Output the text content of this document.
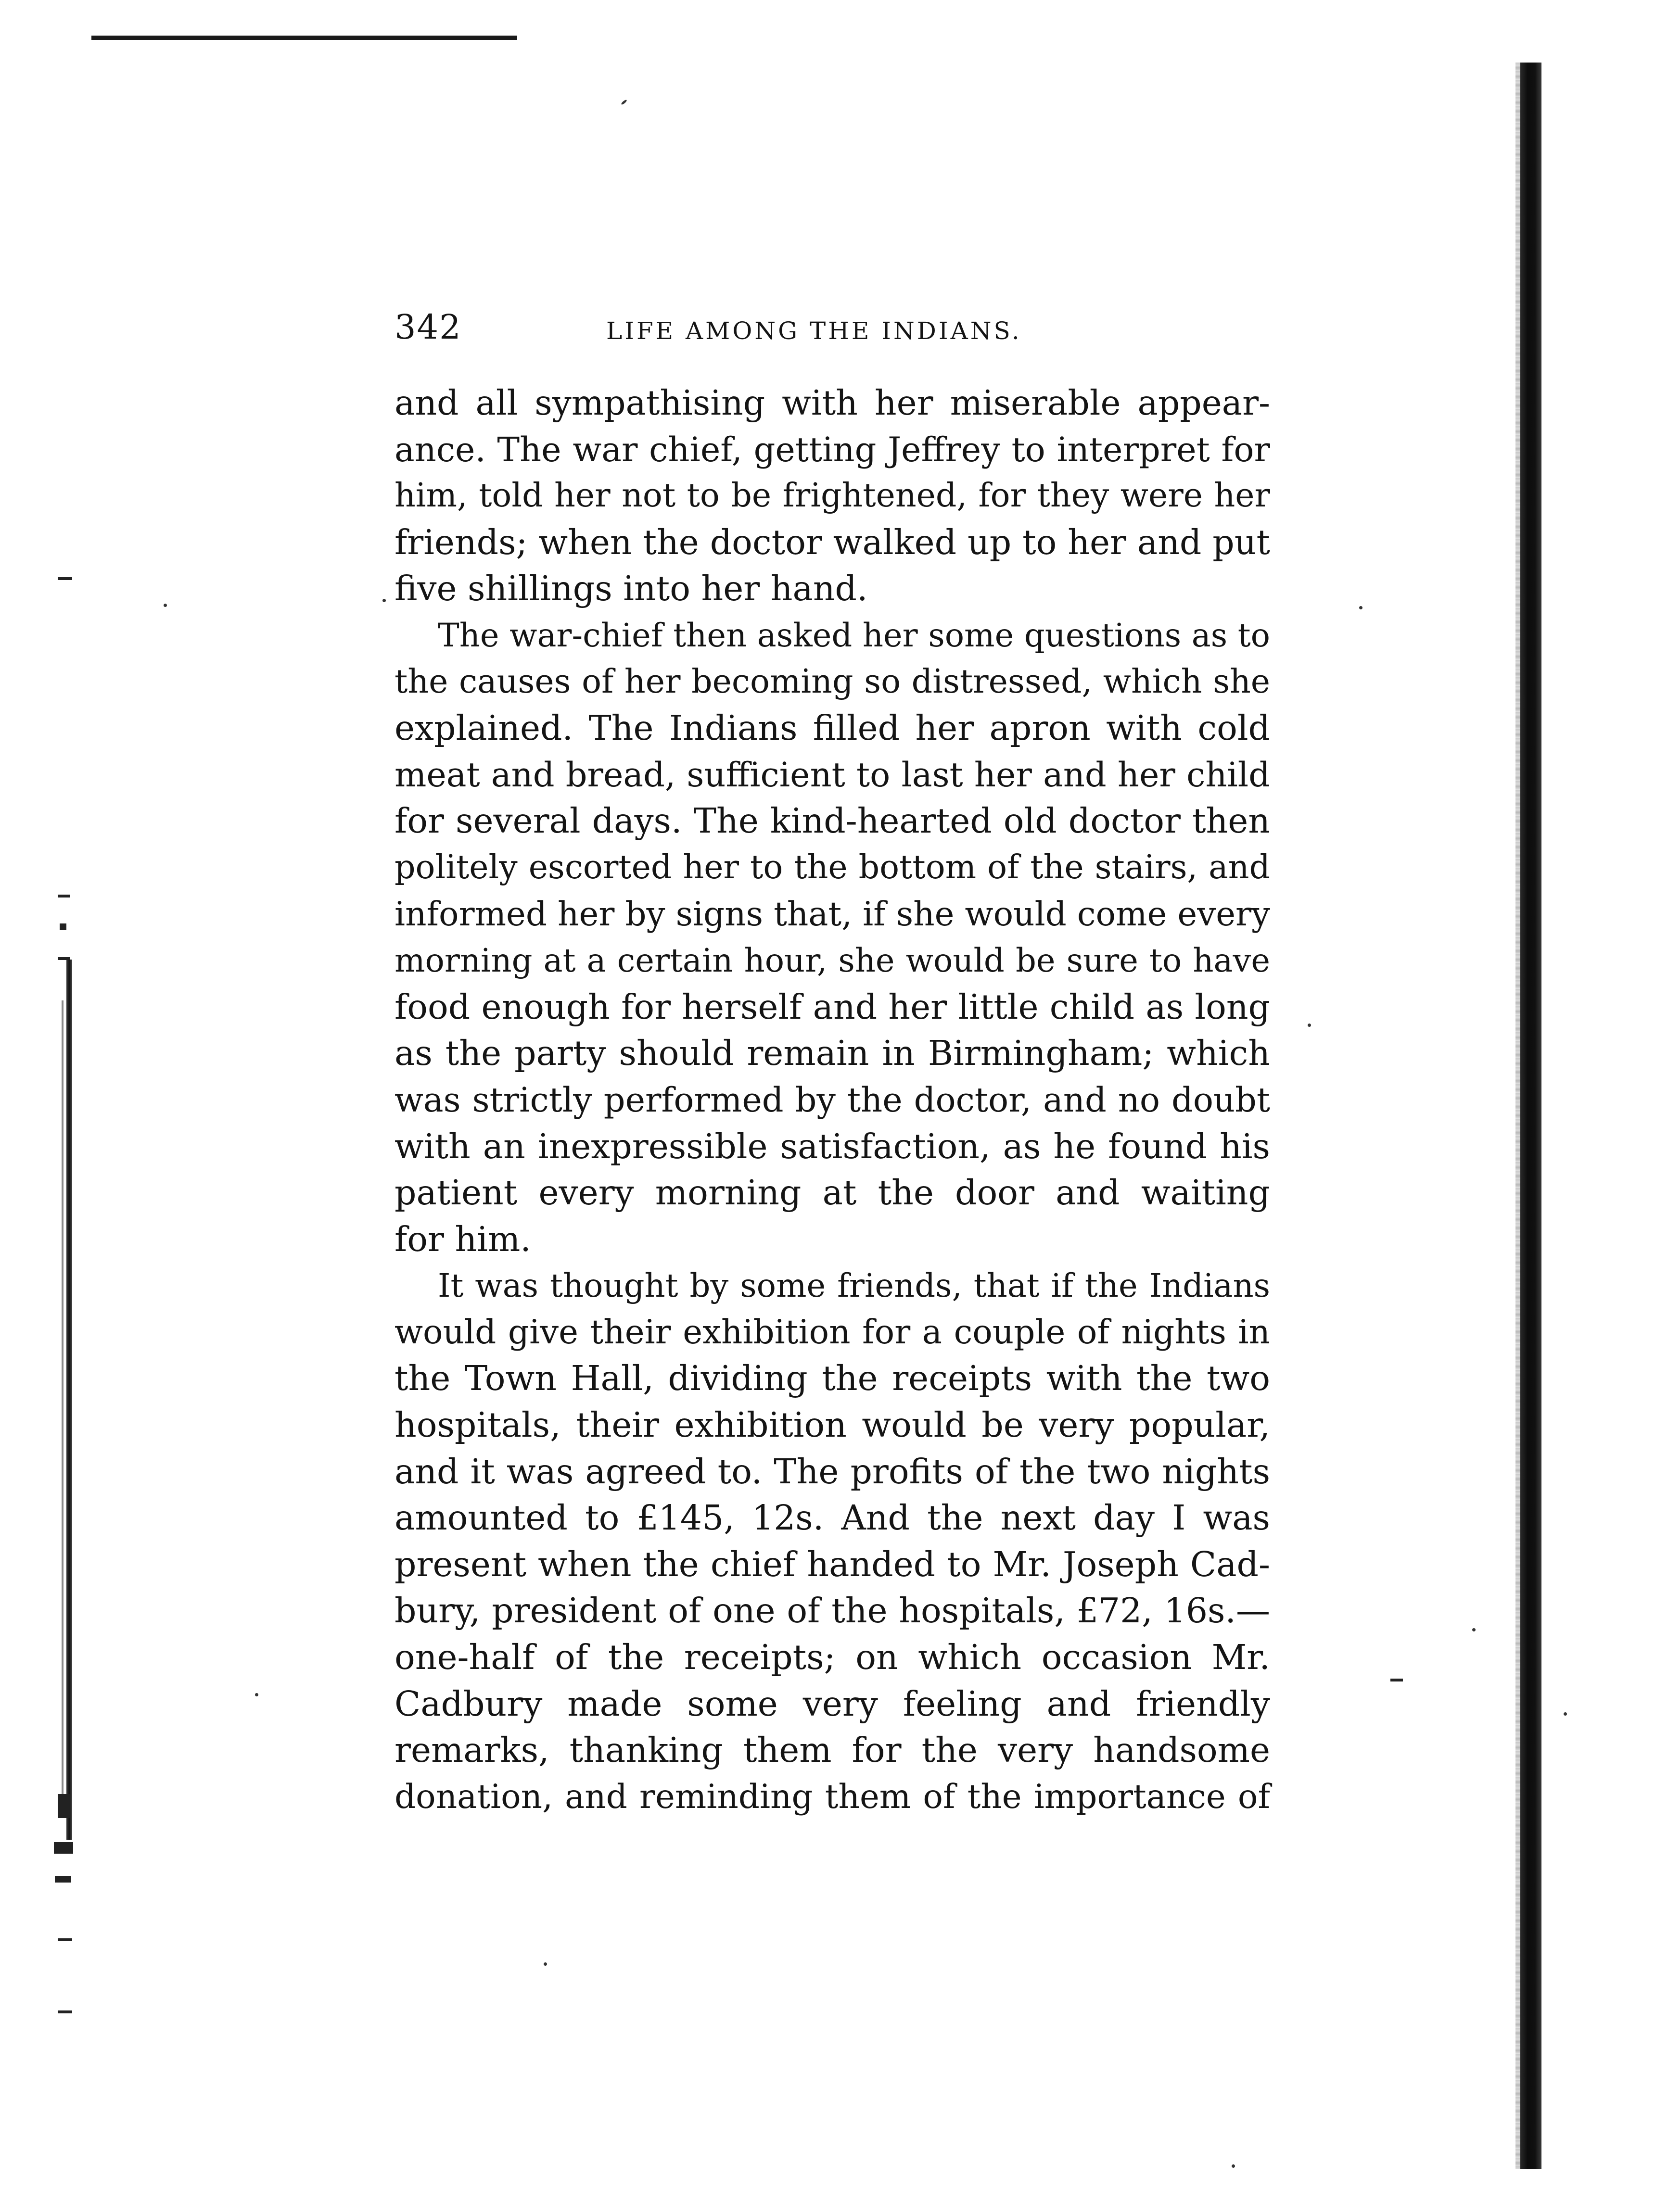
342	LIFE AMONG THE INDIANS.
and all sympathising with her miserable appear-
ance. The war chief, getting Jeffrey to interpret for
him, told her not to be frightened, for they were her
friends; when the doctor walked up to her and put
five shillings into her hand.
The war-chief then asked her some questions as to
the causes of her becoming so distressed, which she
explained. The Indians filled her apron with cold
meat and bread, sufficient to last her and her child
for several days. The kind-hearted old doctor then
politely escorted her to the bottom of the stairs, and
informed her by signs that, if she would come every
morning at a certain hour, she would be sure to have
food enough for herself and her little child as long
as the party should remain in Birmingham; which
was strictly performed by the doctor, and no doubt
with an inexpressible satisfaction, as he found his
patient every morning at the door and waiting
for him.
It was thought by some friends, that if the Indians
would give their exhibition for a couple of nights in
the Town Hall, dividing the receipts with the two
hospitals, their exhibition would be very popular,
and it was agreed to. The profits of the two nights
amounted to £145, 12s. And the next day I was
present when the chief handed to Mr. Joseph Cad-
bury, president of one of the hospitals, £72, 16s.—
one-half of the receipts; on which occasion Mr.
Cadbury made some very feeling and friendly
remarks, thanking them for the very handsome
donation, and reminding them of the importance of
